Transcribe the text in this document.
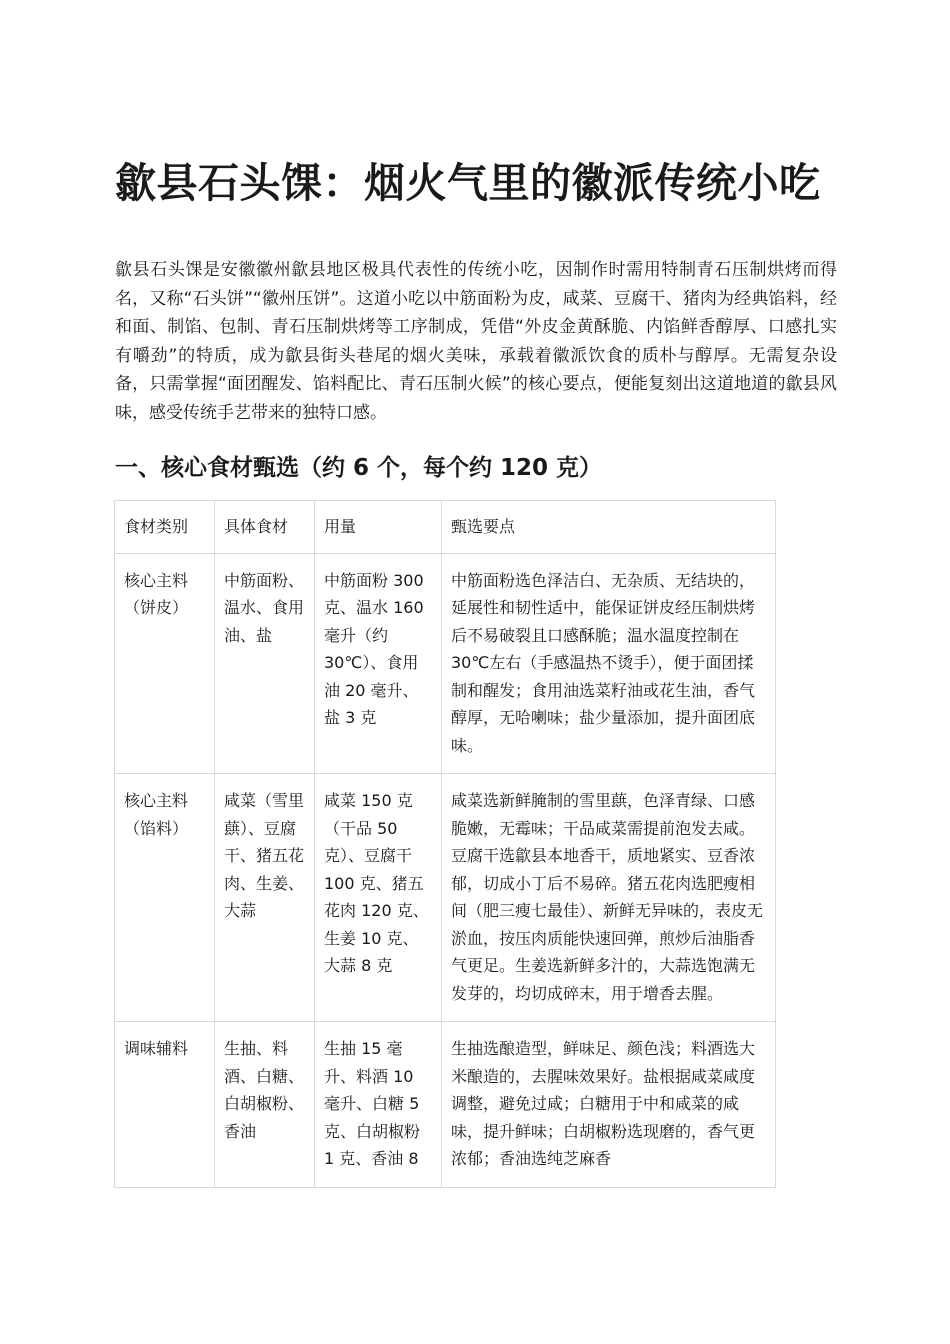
歙县石头馃：烟火气里的徽派传统小吃

歙县石头馃是安徽徽州歙县地区极具代表性的传统小吃，因制作时需用特制青石压制烘烤而得名，又称“石头饼”“徽州压饼”。这道小吃以中筋面粉为皮，咸菜、豆腐干、猪肉为经典馅料，经和面、制馅、包制、青石压制烘烤等工序制成，凭借“外皮金黄酥脆、内馅鲜香醇厚、口感扎实有嚼劲”的特质，成为歙县街头巷尾的烟火美味，承载着徽派饮食的质朴与醇厚。无需复杂设备，只需掌握“面团醒发、馅料配比、青石压制火候”的核心要点，便能复刻出这道地道的歙县风味，感受传统手艺带来的独特口感。

一、核心食材甄选（约 6 个，每个约 120 克）
食材类别	具体食材	用量	甄选要点
核心主料（饼皮）	中筋面粉、温水、食用油、盐	中筋面粉 300 克、温水 160 毫升（约 30℃）、食用油 20 毫升、盐 3 克	中筋面粉选色泽洁白、无杂质、无结块的，延展性和韧性适中，能保证饼皮经压制烘烤后不易破裂且口感酥脆；温水温度控制在 30℃左右（手感温热不烫手），便于面团揉制和醒发；食用油选菜籽油或花生油，香气醇厚，无哈喇味；盐少量添加，提升面团底味。
核心主料（馅料）	咸菜（雪里蕻）、豆腐干、猪五花肉、生姜、大蒜	咸菜 150 克（干品 50 克）、豆腐干 100 克、猪五花肉 120 克、生姜 10 克、大蒜 8 克	咸菜选新鲜腌制的雪里蕻，色泽青绿、口感脆嫩，无霉味；干品咸菜需提前泡发去咸。豆腐干选歙县本地香干，质地紧实、豆香浓郁，切成小丁后不易碎。猪五花肉选肥瘦相间（肥三瘦七最佳）、新鲜无异味的，表皮无淤血，按压肉质能快速回弹，煎炒后油脂香气更足。生姜选新鲜多汁的，大蒜选饱满无发芽的，均切成碎末，用于增香去腥。
调味辅料	生抽、料酒、白糖、白胡椒粉、香油	生抽 15 毫升、料酒 10 毫升、白糖 5 克、白胡椒粉 1 克、香油 8	生抽选酿造型，鲜味足、颜色浅；料酒选大米酿造的，去腥味效果好。盐根据咸菜咸度调整，避免过咸；白糖用于中和咸菜的咸味，提升鲜味；白胡椒粉选现磨的，香气更浓郁；香油选纯芝麻香
